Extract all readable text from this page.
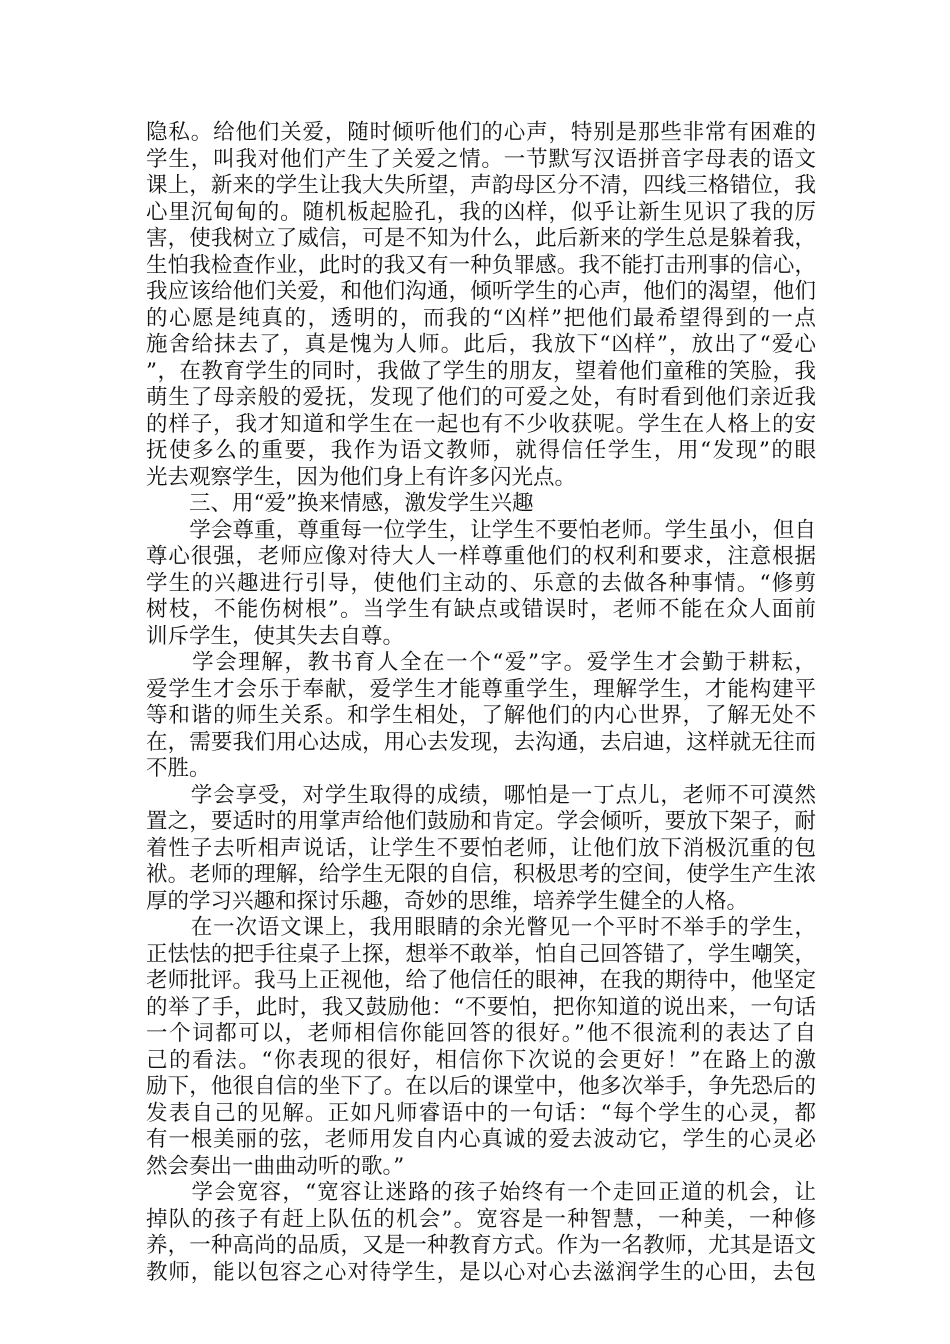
隐私。给他们关爱，随时倾听他们的心声，特别是那些非常有困难的
学生，叫我对他们产生了关爱之情。一节默写汉语拼音字母表的语文
课上，新来的学生让我大失所望，声韵母区分不清，四线三格错位，我
心里沉甸甸的。随机板起脸孔，我的凶样，似乎让新生见识了我的厉
害，使我树立了威信，可是不知为什么，此后新来的学生总是躲着我，
生怕我检查作业，此时的我又有一种负罪感。我不能打击刑事的信心，
我应该给他们关爱，和他们沟通，倾听学生的心声，他们的渴望，他们
的心愿是纯真的，透明的，而我的“凶样”把他们最希望得到的一点
施舍给抹去了，真是愧为人师。此后，我放下“凶样”，放出了“爱心
”，在教育学生的同时，我做了学生的朋友，望着他们童稚的笑脸，我
萌生了母亲般的爱抚，发现了他们的可爱之处，有时看到他们亲近我
的样子，我才知道和学生在一起也有不少收获呢。学生在人格上的安
抚使多么的重要，我作为语文教师，就得信任学生，用“发现”的眼
光去观察学生，因为他们身上有许多闪光点。
　　三、用“爱”换来情感，激发学生兴趣
　　学会尊重，尊重每一位学生，让学生不要怕老师。学生虽小，但自
尊心很强，老师应像对待大人一样尊重他们的权利和要求，注意根据
学生的兴趣进行引导，使他们主动的、乐意的去做各种事情。“修剪
树枝，不能伤树根”。当学生有缺点或错误时，老师不能在众人面前
训斥学生，使其失去自尊。
　　学会理解，教书育人全在一个“爱”字。爱学生才会勤于耕耘，
爱学生才会乐于奉献，爱学生才能尊重学生，理解学生，才能构建平
等和谐的师生关系。和学生相处，了解他们的内心世界，了解无处不
在，需要我们用心达成，用心去发现，去沟通，去启迪，这样就无往而
不胜。
　　学会享受，对学生取得的成绩，哪怕是一丁点儿，老师不可漠然
置之，要适时的用掌声给他们鼓励和肯定。学会倾听，要放下架子，耐
着性子去听相声说话，让学生不要怕老师，让他们放下消极沉重的包
袱。老师的理解，给学生无限的自信，积极思考的空间，使学生产生浓
厚的学习兴趣和探讨乐趣，奇妙的思维，培养学生健全的人格。
　　在一次语文课上，我用眼睛的余光瞥见一个平时不举手的学生，
正怯怯的把手往桌子上探，想举不敢举，怕自己回答错了，学生嘲笑，
老师批评。我马上正视他，给了他信任的眼神，在我的期待中，他坚定
的举了手，此时，我又鼓励他：“不要怕，把你知道的说出来，一句话
一个词都可以，老师相信你能回答的很好。”他不很流利的表达了自
己的看法。“你表现的很好，相信你下次说的会更好！”在路上的激
励下，他很自信的坐下了。在以后的课堂中，他多次举手，争先恐后的
发表自己的见解。正如凡师睿语中的一句话：“每个学生的心灵，都
有一根美丽的弦，老师用发自内心真诚的爱去波动它，学生的心灵必
然会奏出一曲曲动听的歌。”
　　学会宽容，“宽容让迷路的孩子始终有一个走回正道的机会，让
掉队的孩子有赶上队伍的机会”。宽容是一种智慧，一种美，一种修
养，一种高尚的品质，又是一种教育方式。作为一名教师，尤其是语文
教师，能以包容之心对待学生，是以心对心去滋润学生的心田，去包
